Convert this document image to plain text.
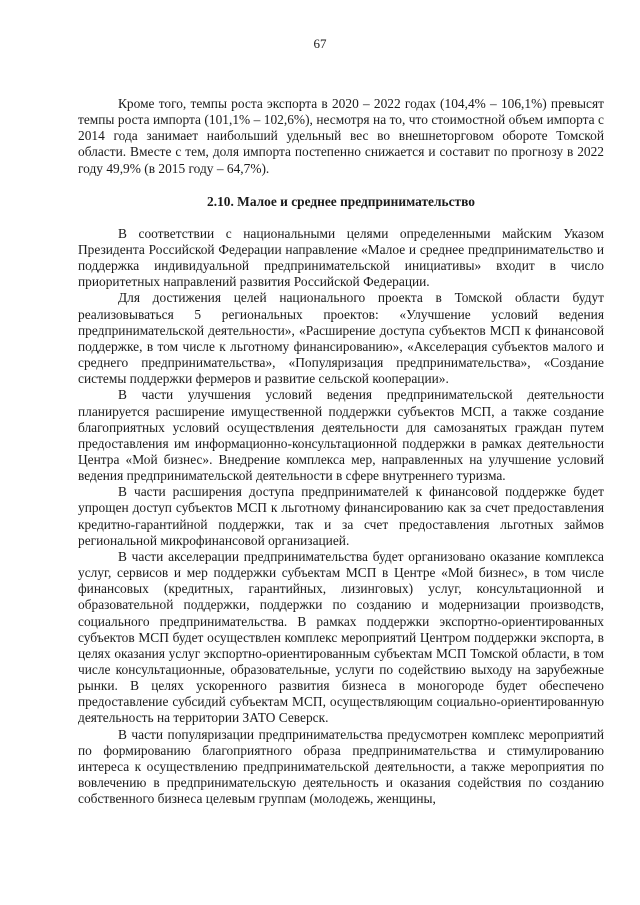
67

Кроме того, темпы роста экспорта в 2020 – 2022 годах (104,4% – 106,1%) превысят темпы роста импорта (101,1% – 102,6%), несмотря на то, что стоимостной объем импорта с 2014 года занимает наибольший удельный вес во внешнеторговом обороте Томской области. Вместе с тем, доля импорта постепенно снижается и составит по прогнозу в 2022 году 49,9% (в 2015 году – 64,7%).

2.10. Малое и среднее предпринимательство

В соответствии с национальными целями определенными майским Указом Президента Российской Федерации направление «Малое и среднее предпринимательство и поддержка индивидуальной предпринимательской инициативы» входит в число приоритетных направлений развития Российской Федерации.

Для достижения целей национального проекта в Томской области будут реализовываться 5 региональных проектов: «Улучшение условий ведения предпринимательской деятельности», «Расширение доступа субъектов МСП к финансовой поддержке, в том числе к льготному финансированию», «Акселерация субъектов малого и среднего предпринимательства», «Популяризация предпринимательства», «Создание системы поддержки фермеров и развитие сельской кооперации».

В части улучшения условий ведения предпринимательской деятельности планируется расширение имущественной поддержки субъектов МСП, а также создание благоприятных условий осуществления деятельности для самозанятых граждан путем предоставления им информационно-консультационной поддержки в рамках деятельности Центра «Мой бизнес». Внедрение комплекса мер, направленных на улучшение условий ведения предпринимательской деятельности в сфере внутреннего туризма.

В части расширения доступа предпринимателей к финансовой поддержке будет упрощен доступ субъектов МСП к льготному финансированию как за счет предоставления кредитно-гарантийной поддержки, так и за счет предоставления льготных займов региональной микрофинансовой организацией.

В части акселерации предпринимательства будет организовано оказание комплекса услуг, сервисов и мер поддержки субъектам МСП в Центре «Мой бизнес», в том числе финансовых (кредитных, гарантийных, лизинговых) услуг, консультационной и образовательной поддержки, поддержки по созданию и модернизации производств, социального предпринимательства. В рамках поддержки экспортно-ориентированных субъектов МСП будет осуществлен комплекс мероприятий Центром поддержки экспорта, в целях оказания услуг экспортно-ориентированным субъектам МСП Томской области, в том числе консультационные, образовательные, услуги по содействию выходу на зарубежные рынки. В целях ускоренного развития бизнеса в моногороде будет обеспечено предоставление субсидий субъектам МСП, осуществляющим социально-ориентированную деятельность на территории ЗАТО Северск.

В части популяризации предпринимательства предусмотрен комплекс мероприятий по формированию благоприятного образа предпринимательства и стимулированию интереса к осуществлению предпринимательской деятельности, а также мероприятия по вовлечению в предпринимательскую деятельность и оказания содействия по созданию собственного бизнеса целевым группам (молодежь, женщины,
